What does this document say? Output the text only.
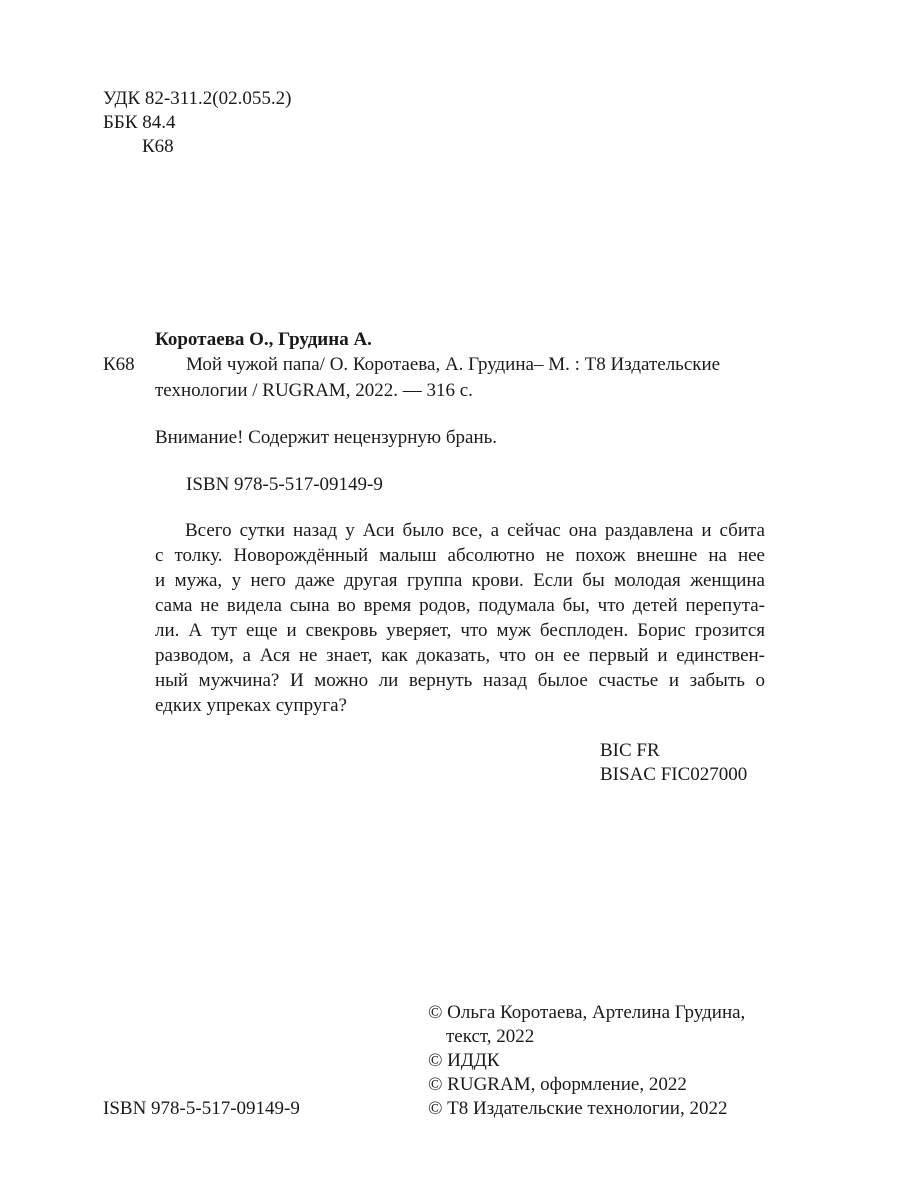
УДК 82-311.2(02.055.2)
ББК 84.4
К68
Коротаева О., Грудина А.
К68	Мой чужой папа/ О. Коротаева, А. Грудина– М. : Т8 Издательские
технологии / RUGRAM, 2022. — 316 с.
Внимание! Содержит нецензурную брань.
ISBN 978-5-517-09149-9
Всего сутки назад у Аси было все, а сейчас она раздавлена и сбита
с толку. Новорождённый малыш абсолютно не похож внешне на нее
и мужа, у него даже другая группа крови. Если бы молодая женщина
сама не видела сына во время родов, подумала бы, что детей перепута-
ли. А тут еще и свекровь уверяет, что муж бесплоден. Борис грозится
разводом, а Ася не знает, как доказать, что он ее первый и единствен-
ный мужчина? И можно ли вернуть назад былое счастье и забыть о
едких упреках супруга?
BIC FR
BISAC FIC027000
© Ольга Коротаева, Артелина Грудина,
текст, 2022
© ИДДК
© RUGRAM, оформление, 2022
© Т8 Издательские технологии, 2022
ISBN 978-5-517-09149-9
